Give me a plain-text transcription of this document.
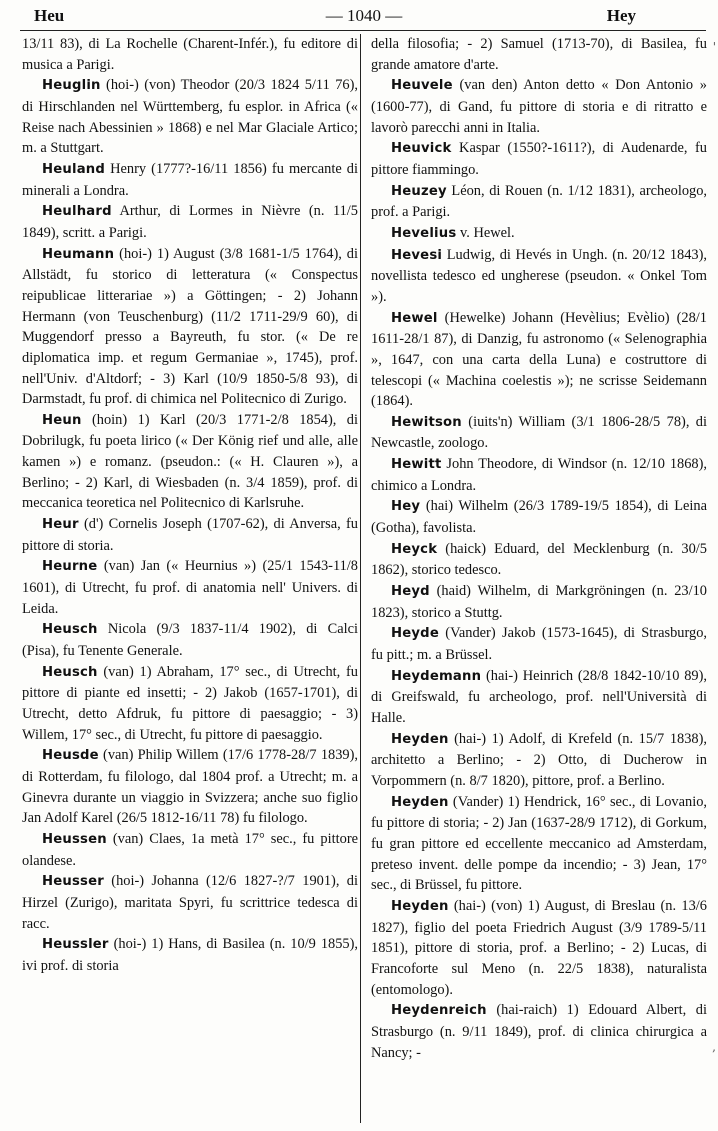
Heu	— 1040 —	Hey
'
,

13/11 83), di La Rochelle (Charent-Infér.), fu editore di musica a Parigi.

Heuglin (hoi-) (von) Theodor (20/3 1824 5/11 76), di Hirschlanden nel Württemberg, fu esplor. in Africa (« Reise nach Abessinien » 1868) e nel Mar Glaciale Artico; m. a Stuttgart.

Heuland Henry (1777?-16/11 1856) fu mercante di minerali a Londra.

Heulhard Arthur, di Lormes in Nièvre (n. 11/5 1849), scritt. a Parigi.

Heumann (hoi-) 1) August (3/8 1681-1/5 1764), di Allstädt, fu storico di letteratura (« Conspectus reipublicae litterariae ») a Göttingen; - 2) Johann Hermann (von Teuschenburg) (11/2 1711-29/9 60), di Muggendorf presso a Bayreuth, fu stor. (« De re diplomatica imp. et regum Germaniae », 1745), prof. nell'Univ. d'Altdorf; - 3) Karl (10/9 1850-5/8 93), di Darmstadt, fu prof. di chimica nel Politecnico di Zurigo.

Heun (hoin) 1) Karl (20/3 1771-2/8 1854), di Dobrilugk, fu poeta lirico (« Der König rief und alle, alle kamen ») e romanz. (pseudon.: (« H. Clauren »), a Berlino; - 2) Karl, di Wiesbaden (n. 3/4 1859), prof. di meccanica teoretica nel Politecnico di Karlsruhe.

Heur (d') Cornelis Joseph (1707-62), di Anversa, fu pittore di storia.

Heurne (van) Jan (« Heurnius ») (25/1 1543-11/8 1601), di Utrecht, fu prof. di anatomia nell' Univers. di Leida.

Heusch Nicola (9/3 1837-11/4 1902), di Calci (Pisa), fu Tenente Generale.

Heusch (van) 1) Abraham, 17° sec., di Utrecht, fu pittore di piante ed insetti; - 2) Jakob (1657-1701), di Utrecht, detto Afdruk, fu pittore di paesaggio; - 3) Willem, 17° sec., di Utrecht, fu pittore di paesaggio.

Heusde (van) Philip Willem (17/6 1778-28/7 1839), di Rotterdam, fu filologo, dal 1804 prof. a Utrecht; m. a Ginevra durante un viaggio in Svizzera; anche suo figlio Jan Adolf Karel (26/5 1812-16/11 78) fu filologo.

Heussen (van) Claes, 1a metà 17° sec., fu pittore olandese.

Heusser (hoi-) Johanna (12/6 1827-?/7 1901), di Hirzel (Zurigo), maritata Spyri, fu scrittrice tedesca di racc.

Heussler (hoi-) 1) Hans, di Basilea (n. 10/9 1855), ivi prof. di storia

della filosofia; - 2) Samuel (1713-70), di Basilea, fu grande amatore d'arte.

Heuvele (van den) Anton detto « Don Antonio » (1600-77), di Gand, fu pittore di storia e di ritratto e lavorò parecchi anni in Italia.

Heuvick Kaspar (1550?-1611?), di Audenarde, fu pittore fiammingo.

Heuzey Léon, di Rouen (n. 1/12 1831), archeologo, prof. a Parigi.

Hevelius v. Hewel.

Hevesi Ludwig, di Hevés in Ungh. (n. 20/12 1843), novellista tedesco ed ungherese (pseudon. « Onkel Tom »).

Hewel (Hewelke) Johann (Hevèlius; Evèlio) (28/1 1611-28/1 87), di Danzig, fu astronomo (« Selenographia », 1647, con una carta della Luna) e costruttore di telescopi (« Machina coelestis »); ne scrisse Seidemann (1864).

Hewitson (iuits'n) William (3/1 1806-28/5 78), di Newcastle, zoologo.

Hewitt John Theodore, di Windsor (n. 12/10 1868), chimico a Londra.

Hey (hai) Wilhelm (26/3 1789-19/5 1854), di Leina (Gotha), favolista.

Heyck (haick) Eduard, del Mecklenburg (n. 30/5 1862), storico tedesco.

Heyd (haid) Wilhelm, di Markgröningen (n. 23/10 1823), storico a Stuttg.

Heyde (Vander) Jakob (1573-1645), di Strasburgo, fu pitt.; m. a Brüssel.

Heydemann (hai-) Heinrich (28/8 1842-10/10 89), di Greifswald, fu archeologo, prof. nell'Università di Halle.

Heyden (hai-) 1) Adolf, di Krefeld (n. 15/7 1838), architetto a Berlino; - 2) Otto, di Ducherow in Vorpommern (n. 8/7 1820), pittore, prof. a Berlino.

Heyden (Vander) 1) Hendrick, 16° sec., di Lovanio, fu pittore di storia; - 2) Jan (1637-28/9 1712), di Gorkum, fu gran pittore ed eccellente meccanico ad Amsterdam, preteso invent. delle pompe da incendio; - 3) Jean, 17° sec., di Brüssel, fu pittore.

Heyden (hai-) (von) 1) August, di Breslau (n. 13/6 1827), figlio del poeta Friedrich August (3/9 1789-5/11 1851), pittore di storia, prof. a Berlino; - 2) Lucas, di Francoforte sul Meno (n. 22/5 1838), naturalista (entomologo).

Heydenreich (hai-raich) 1) Edouard Albert, di Strasburgo (n. 9/11 1849), prof. di clinica chirurgica a Nancy; -
